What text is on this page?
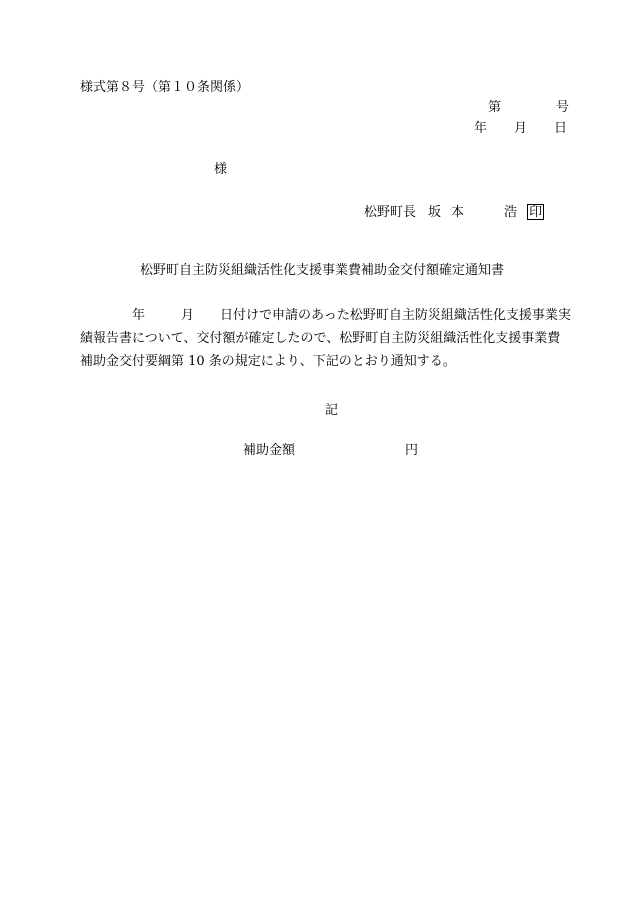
様式第８号（第１０条関係）
第	号
年 月 日
様
松野町長 坂 本	浩 印
松野町自主防災組織活性化支援事業費補助金交付額確定通知書
年	月 日付けで申請のあった松野町自主防災組織活性化支援事業実
績報告書について、交付額が確定したので、松野町自主防災組織活性化支援事業費
補助金交付要綱第 10 条の規定により、下記のとおり通知する。
記
補助金額	円
